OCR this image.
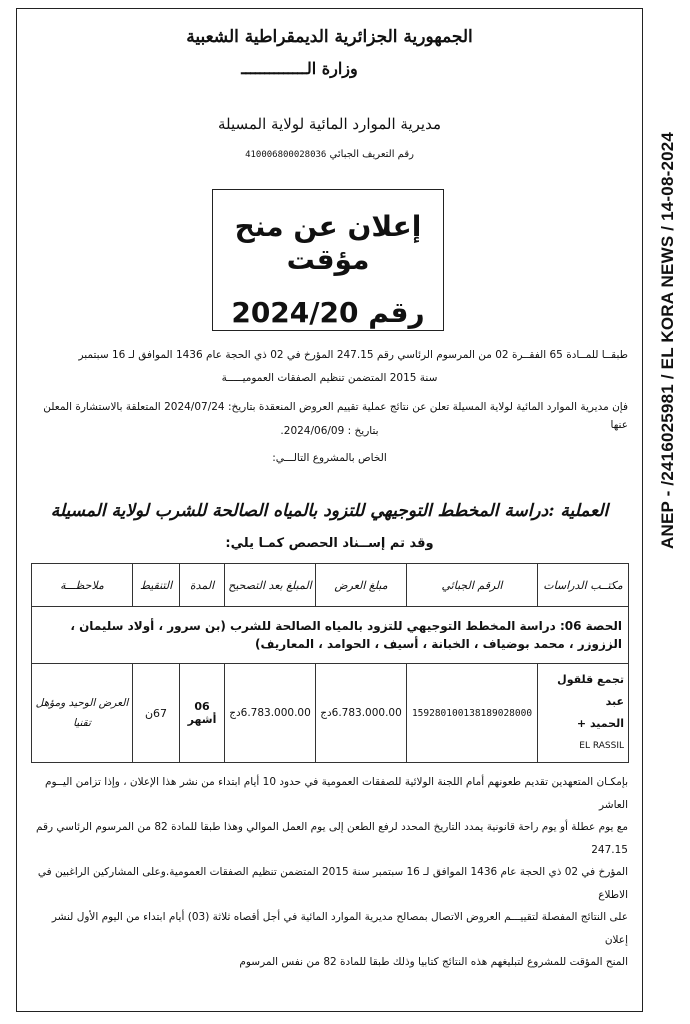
ANEP - /2416025981 / EL KORA NEWS / 14-08-2024
الجمهورية الجزائرية الديمقراطية الشعبية
وزارة الــــــــــــــ
مديرية الموارد المائية لولاية المسيلة
رقم التعريف الجبائي 410006800028036
إعلان عن منح مؤقت
رقم 2024/20
طبقــا للمــادة 65 الفقــرة 02 من المرسوم الرئاسي رقم 247.15 المؤرخ في 02 ذي الحجة عام 1436 الموافق لـ 16 سبتمبر
سنة 2015 المتضمن تنظيم الصفقات العموميـــــة
فإن مديرية الموارد المائية لولاية المسيلة تعلن عن نتائج عملية تقييم العروض المنعقدة بتاريخ: 2024/07/24 المتعلقة بالاستشارة المعلن عنها
بتاريخ : 2024/06/09.
الخاص بالمشروع التالـــي:
العملية :دراسة المخطط التوجيهي للتزود بالمياه الصالحة للشرب لولاية المسيلة
وقد تم إســناد الحصص كمـا يلي:
مكتــب الدراسات	الرقم الجبائي	مبلغ العرض	المبلغ بعد التصحيح	المدة	التنقيط	ملاحظـــة
الحصة 06: دراسة المخطط التوجيهي للتزود بالمياه الصالحة للشرب (بن سرور ، أولاد سليمان ، الززوزر ، محمد بوضياف ، الخبانة ، أسيف ، الحوامد ، المعاريف)						

تجمع قلقول عبد
الحميد +
EL RASSIL	159280100138189028000	6.783.000.00دج	6.783.000.00دج	06 أشهر	67ن	العرض الوحيد ومؤهل تقنيا
بإمكـان المتعهدين تقديم طعونهم أمام اللجنة الولائية للصفقات العمومية في حدود 10 أيام ابتداء من نشر هذا الإعلان ، وإذا تزامن اليــوم العاشر
مع يوم عطلة أو يوم راحة قانونية يمدد التاريخ المحدد لرفع الطعن إلى يوم العمل الموالي وهذا طبقا للمادة 82 من المرسوم الرئاسي رقم 247.15
المؤرخ في 02 ذي الحجة عام 1436 الموافق لـ 16 سبتمبر سنة 2015 المتضمن تنظيم الصفقات العمومية.وعلى المشاركين الراغبين في الاطلاع
على النتائج المفصلة لتقييـــم العروض الاتصال بمصالح مديرية الموارد المائية في أجل أقصاه ثلاثة (03) أيام ابتداء من اليوم الأول لنشر إعلان
المنح المؤقت للمشروع لتبليغهم هذه النتائج كتابيا وذلك طبقا للمادة 82 من نفس المرسوم
